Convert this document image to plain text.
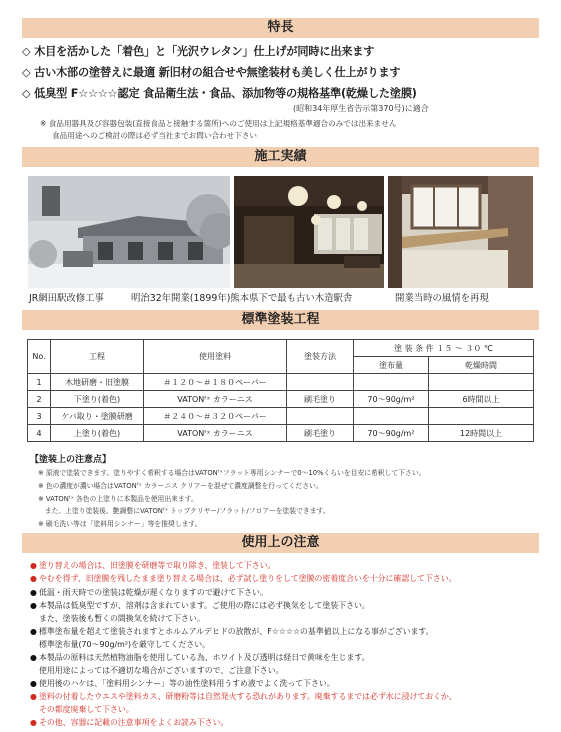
特長
◇ 木目を活かした「着色」と「光沢ウレタン」仕上げが同時に出来ます
◇ 古い木部の塗替えに最適 新旧材の組合せや無塗装材も美しく仕上がります
◇ 低臭型 F☆☆☆☆認定 食品衛生法・食品、添加物等の規格基準(乾燥した塗膜)
(昭和34年厚生省告示第370号)に適合
※ 食品用器具及び容器包装(直接食品と接触する箇所)へのご使用は上記規格基準適合のみでは出来ません
食品用途へのご検討の際は必ず当社までお問い合わせ下さい
施工実績
JR網田駅改修工事	明治32年開業(1899年)熊本県下で最も古い木造駅舎	開業当時の風情を再現
標準塗装工程
No.	工程	使用塗料	塗装方法	塗 装 条 件 １５ ～ ３０ ℃	
				塗布量	乾燥時間
1	木地研磨・旧塗膜	＃１２０～＃１８０ペーパー			
2	下塗り(着色)	VATONᶠˣ カラーニス	刷毛塗り	70～90g/m²	6時間以上
3	ケバ取り・塗膜研磨	＃２４０～＃３２０ペーパー			
4	上塗り(着色)	VATONᶠˣ カラーニス	刷毛塗り	70～90g/m²	12時間以上
【塗装上の注意点】
※ 原液で塗装できます。塗りやすく希釈する場合はVATONᶠˣフラット専用シンナーで0～10%くらいを目安に希釈して下さい。
※ 色の濃度が濃い場合はVATONᶠˣ カラーニス クリアーを混ぜて濃度調整を行ってください。
※ VATONᶠˣ 各色の上塗りに本製品を使用出来ます。
　また、上塗り塗装後、艶調整にVATONᶠˣ トップクリヤー/フラット/フロアーを塗装できます。
※ 刷毛洗い等は「塗料用シンナー」等を推奨します。
使用上の注意
● 塗り替えの場合は、旧塗膜を研磨等で取り除き、塗装して下さい。
● やむを得ず、旧塗膜を残したまま塗り替える場合は、必ず試し塗りをして塗膜の密着度合いを十分に確認して下さい。
● 低温・雨天時での塗装は乾燥が遅くなりますので避けて下さい。
● 本製品は低臭型ですが、溶剤は含まれています。ご使用の際には必ず換気をして塗装下さい。
また、塗装後も暫くの間換気を続けて下さい。
● 標準塗布量を超えて塗装されますとホルムアルデヒドの放散が、F☆☆☆☆の基準値以上になる事がございます。
標準塗布量(70～90g/m²)を厳守してください。
● 本製品の原料は天然植物油脂を使用している為、ホワイト及び透明は経日で黄味を生じます。
使用用途によっては不適切な場合がございますので、ご注意下さい。
● 使用後のハケは、「塗料用シンナー」等の油性塗料用うすめ液でよく洗って下さい。
● 塗料の付着したウエスや塗料カス、研磨粉等は自然発火する恐れがあります。廃棄するまでは必ず水に浸けておくか、
その都度廃棄して下さい。
● その他、容器に記載の注意事項をよくお読み下さい。
